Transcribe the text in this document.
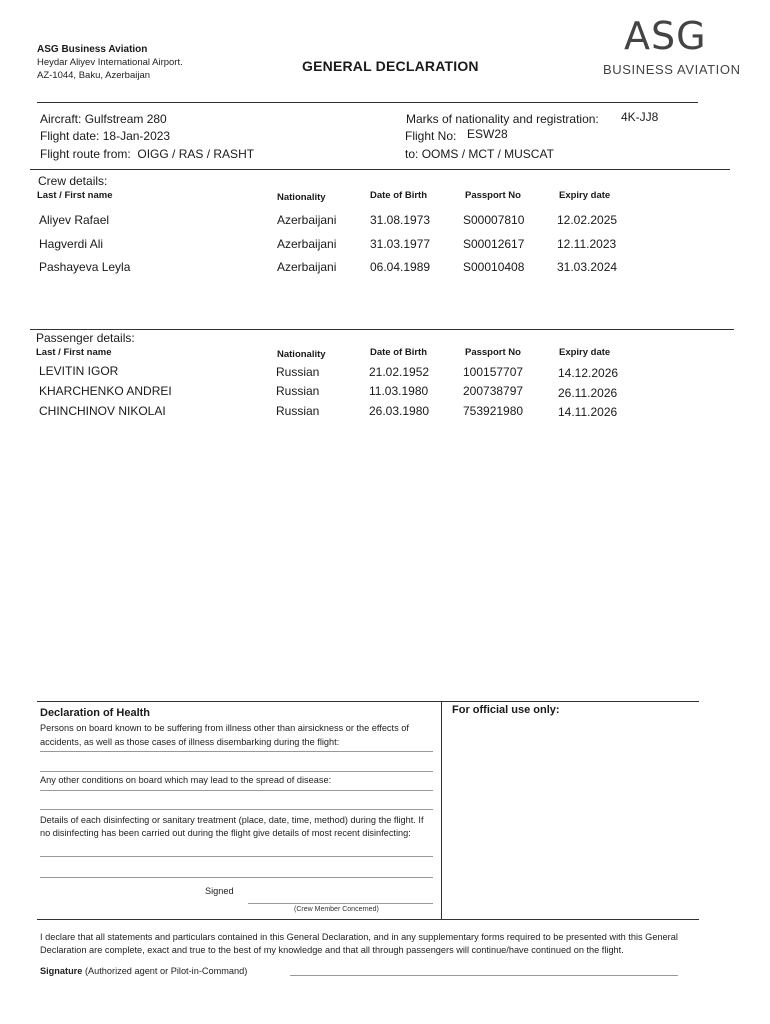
ASG Business Aviation
Heydar Aliyev International Airport.
AZ-1044, Baku, Azerbaijan
GENERAL DECLARATION
ASG
BUSINESS AVIATION
Aircraft: Gulfstream 280
Flight date: 18-Jan-2023
Flight route from: OIGG / RAS / RASHT
Marks of nationality and registration: 4K-JJ8
Flight No: ESW28
to: OOMS / MCT / MUSCAT
Crew details:
Last / First name	Nationality	Date of Birth	Passport No	Expiry date
Aliyev Rafael	Azerbaijani	31.08.1973	S00007810	12.02.2025
Hagverdi Ali	Azerbaijani	31.03.1977	S00012617	12.11.2023
Pashayeva Leyla	Azerbaijani	06.04.1989	S00010408	31.03.2024
Passenger details:
Last / First name	Nationality	Date of Birth	Passport No	Expiry date
LEVITIN IGOR	Russian	21.02.1952	100157707	14.12.2026
KHARCHENKO ANDREI	Russian	11.03.1980	200738797	26.11.2026
CHINCHINOV NIKOLAI	Russian	26.03.1980	753921980	14.11.2026
Declaration of Health	For official use only:
Persons on board known to be suffering from illness other than airsickness or the effects of accidents, as well as those cases of illness disembarking during the flight:
Any other conditions on board which may lead to the spread of disease:
Details of each disinfecting or sanitary treatment (place, date, time, method) during the flight. If no disinfecting has been carried out during the flight give details of most recent disinfecting:
Signed
(Crew Member Concerned)
I declare that all statements and particulars contained in this General Declaration, and in any supplementary forms required to be presented with this General Declaration are complete, exact and true to the best of my knowledge and that all through passengers will continue/have continued on the flight.
Signature (Authorized agent or Pilot-in-Command)
